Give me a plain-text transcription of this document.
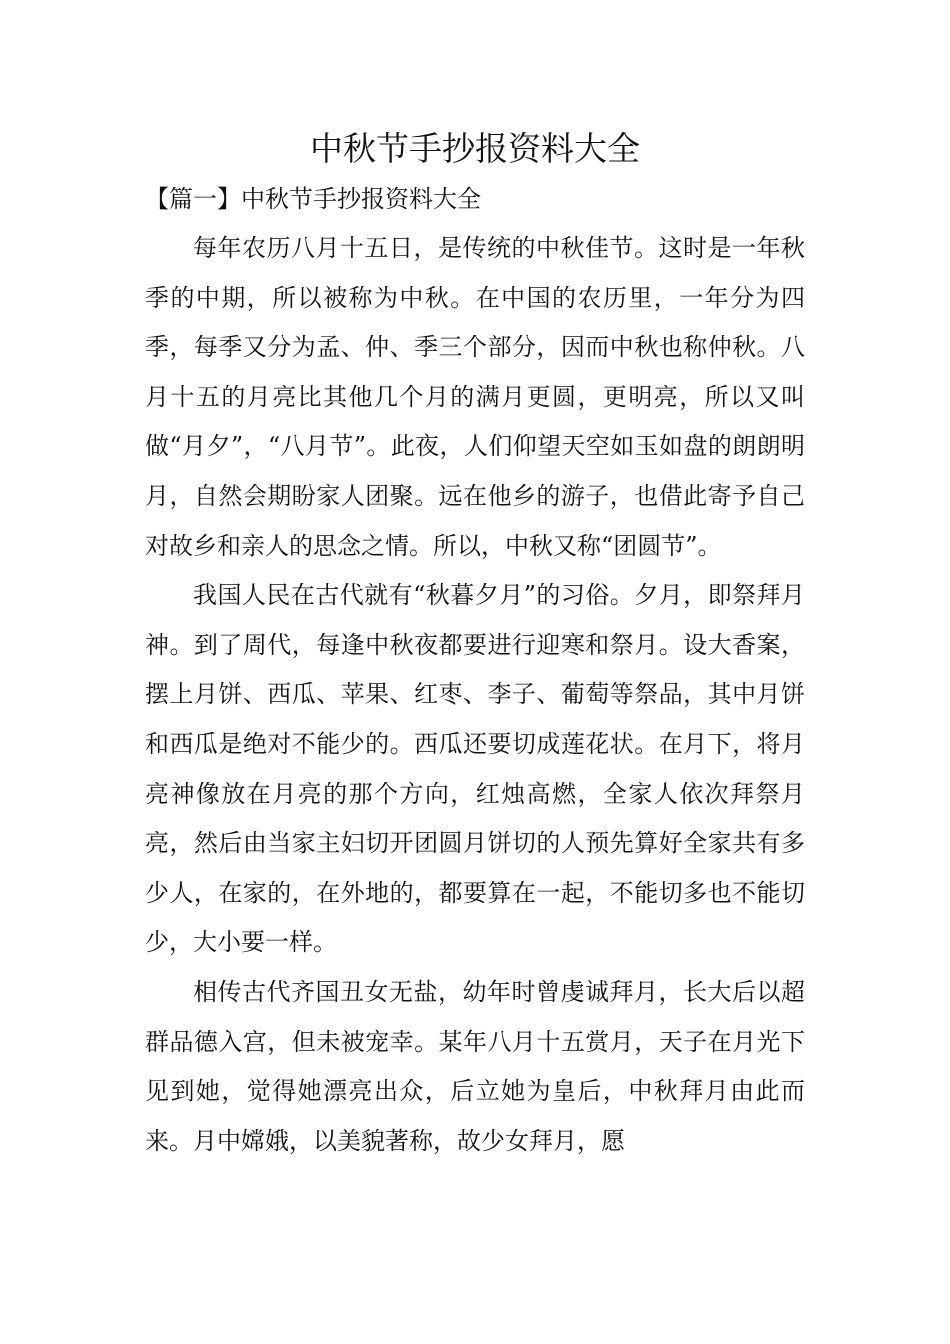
中秋节手抄报资料大全
【篇一】中秋节手抄报资料大全

每年农历八月十五日，是传统的中秋佳节。这时是一年秋季的中期，所以被称为中秋。在中国的农历里，一年分为四季，每季又分为孟、仲、季三个部分，因而中秋也称仲秋。八月十五的月亮比其他几个月的满月更圆，更明亮，所以又叫做“月夕”，“八月节”。此夜，人们仰望天空如玉如盘的朗朗明月，自然会期盼家人团聚。远在他乡的游子，也借此寄予自己对故乡和亲人的思念之情。所以，中秋又称“团圆节”。

我国人民在古代就有“秋暮夕月”的习俗。夕月，即祭拜月神。到了周代，每逢中秋夜都要进行迎寒和祭月。设大香案，摆上月饼、西瓜、苹果、红枣、李子、葡萄等祭品，其中月饼和西瓜是绝对不能少的。西瓜还要切成莲花状。在月下，将月亮神像放在月亮的那个方向，红烛高燃，全家人依次拜祭月亮，然后由当家主妇切开团圆月饼切的人预先算好全家共有多少人，在家的，在外地的，都要算在一起，不能切多也不能切少，大小要一样。

相传古代齐国丑女无盐，幼年时曾虔诚拜月，长大后以超群品德入宫，但未被宠幸。某年八月十五赏月，天子在月光下见到她，觉得她漂亮出众，后立她为皇后，中秋拜月由此而来。月中嫦娥，以美貌著称，故少女拜月，愿
